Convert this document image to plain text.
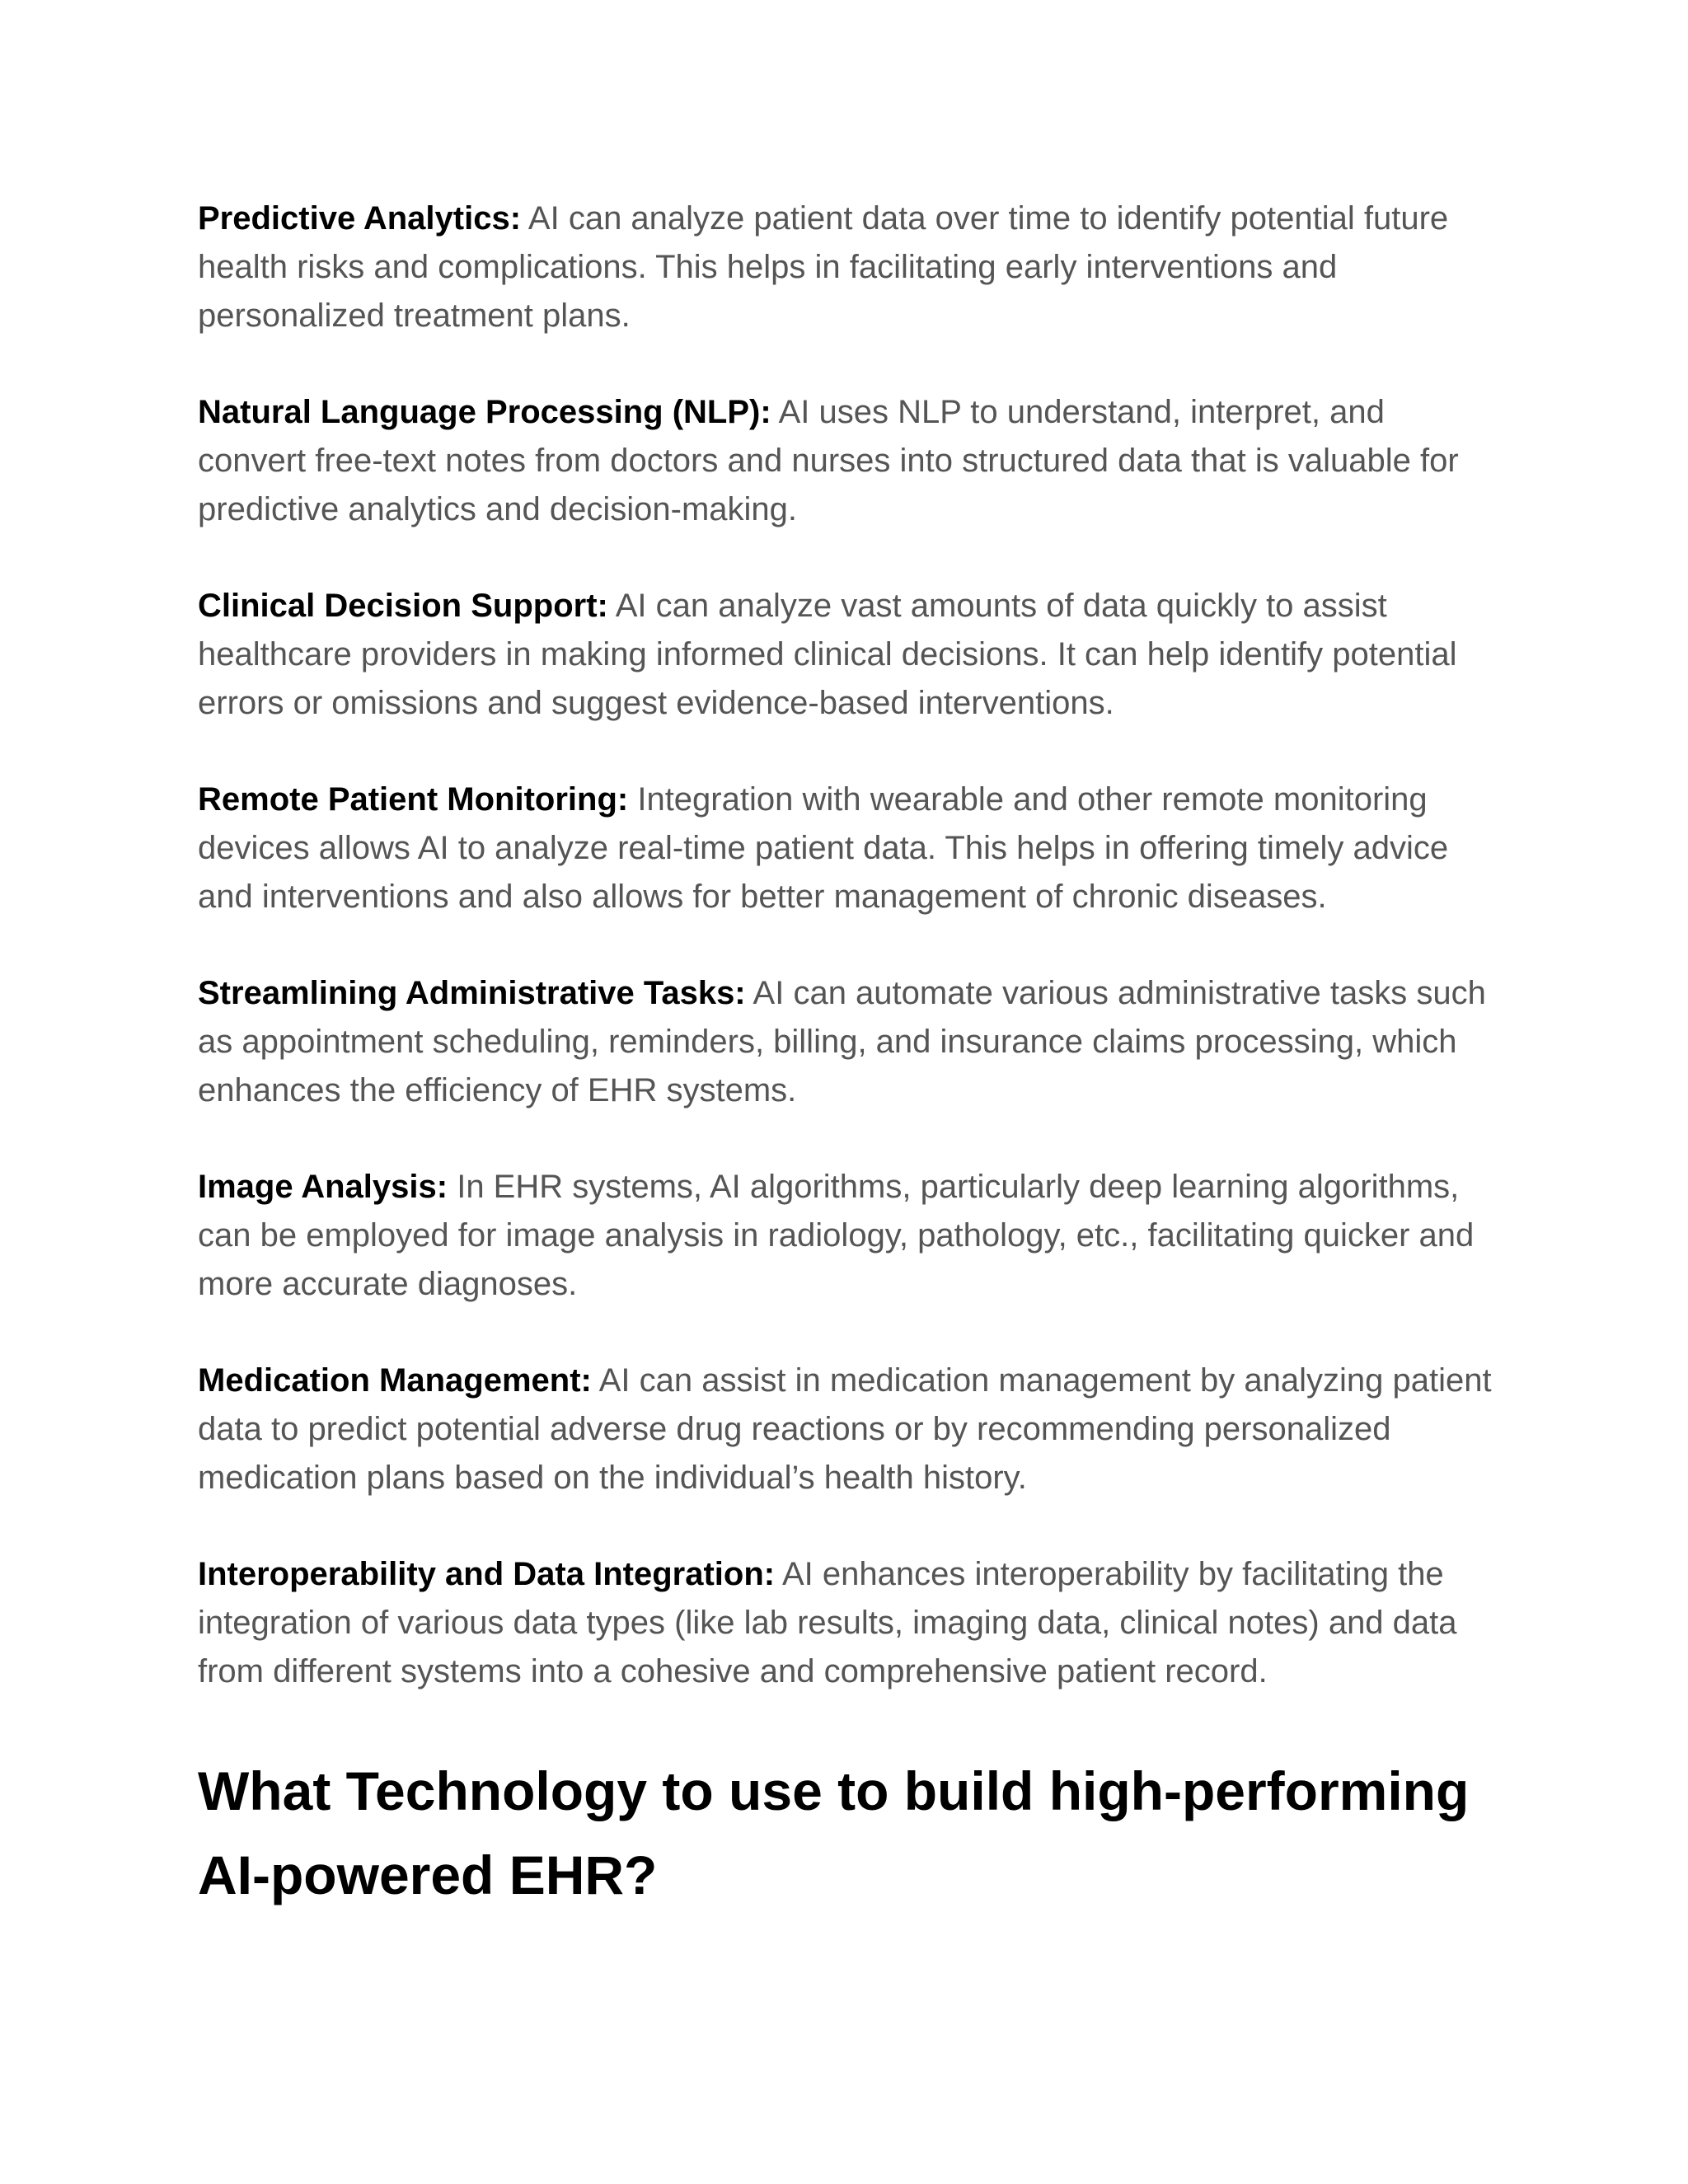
Predictive Analytics: AI can analyze patient data over time to identify potential future health risks and complications. This helps in facilitating early interventions and personalized treatment plans.

Natural Language Processing (NLP): AI uses NLP to understand, interpret, and convert free-text notes from doctors and nurses into structured data that is valuable for predictive analytics and decision-making.

Clinical Decision Support: AI can analyze vast amounts of data quickly to assist healthcare providers in making informed clinical decisions. It can help identify potential errors or omissions and suggest evidence-based interventions.

Remote Patient Monitoring: Integration with wearable and other remote monitoring devices allows AI to analyze real-time patient data. This helps in offering timely advice and interventions and also allows for better management of chronic diseases.

Streamlining Administrative Tasks: AI can automate various administrative tasks such as appointment scheduling, reminders, billing, and insurance claims processing, which enhances the efficiency of EHR systems.

Image Analysis: In EHR systems, AI algorithms, particularly deep learning algorithms, can be employed for image analysis in radiology, pathology, etc., facilitating quicker and more accurate diagnoses.

Medication Management: AI can assist in medication management by analyzing patient data to predict potential adverse drug reactions or by recommending personalized medication plans based on the individual’s health history.

Interoperability and Data Integration: AI enhances interoperability by facilitating the integration of various data types (like lab results, imaging data, clinical notes) and data from different systems into a cohesive and comprehensive patient record.

What Technology to use to build high-performing AI-powered EHR?
